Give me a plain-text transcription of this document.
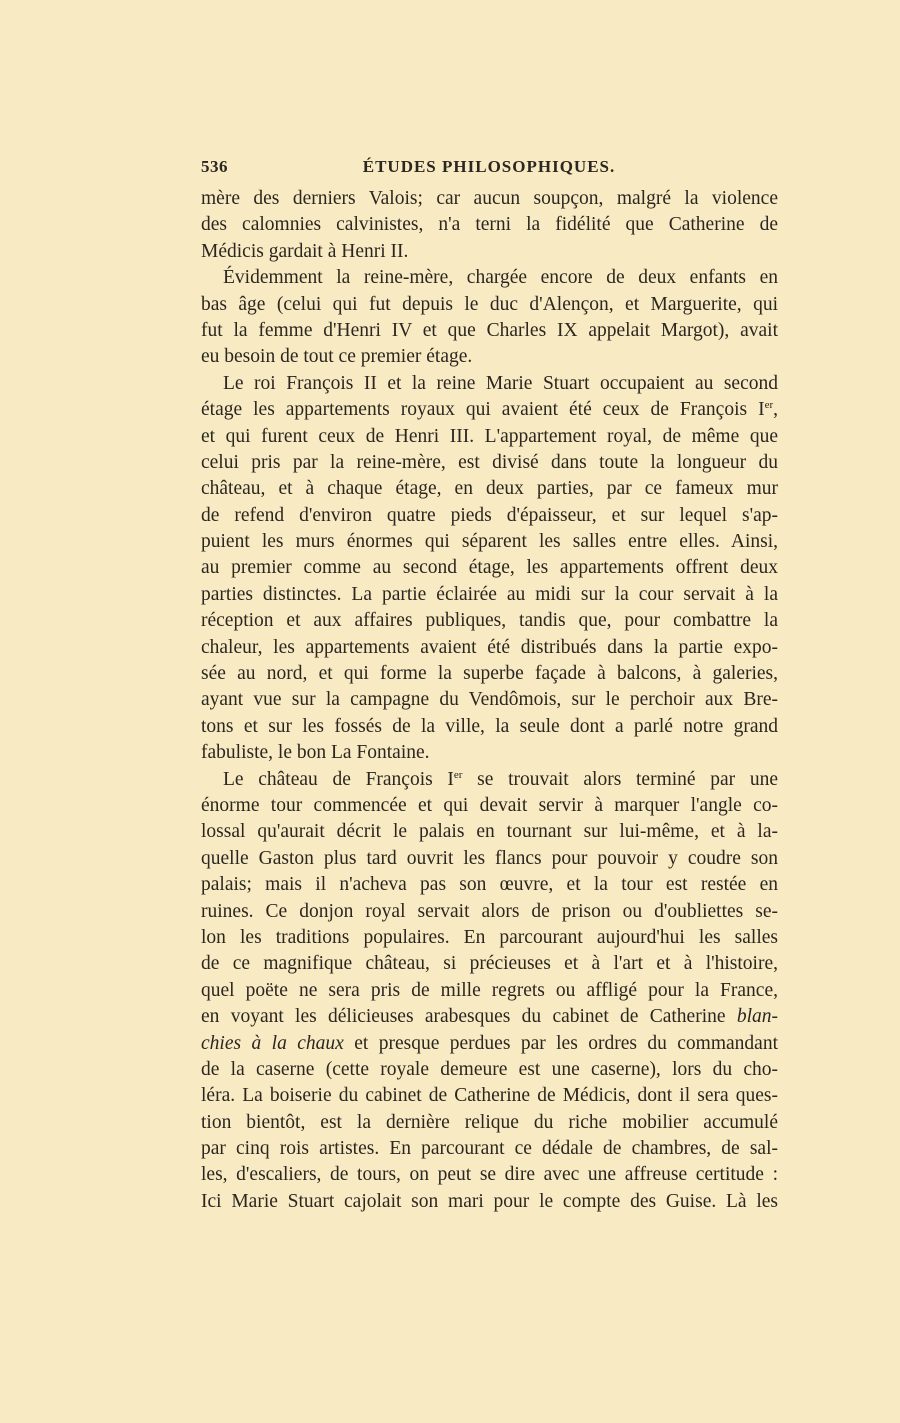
536	ÉTUDES PHILOSOPHIQUES.
mère des derniers Valois; car aucun soupçon, malgré la violence
des calomnies calvinistes, n'a terni la fidélité que Catherine de
Médicis gardait à Henri II.
Évidemment la reine-mère, chargée encore de deux enfants en
bas âge (celui qui fut depuis le duc d'Alençon, et Marguerite, qui
fut la femme d'Henri IV et que Charles IX appelait Margot), avait
eu besoin de tout ce premier étage.
Le roi François II et la reine Marie Stuart occupaient au second
étage les appartements royaux qui avaient été ceux de François Ier,
et qui furent ceux de Henri III. L'appartement royal, de même que
celui pris par la reine-mère, est divisé dans toute la longueur du
château, et à chaque étage, en deux parties, par ce fameux mur
de refend d'environ quatre pieds d'épaisseur, et sur lequel s'ap-
puient les murs énormes qui séparent les salles entre elles. Ainsi,
au premier comme au second étage, les appartements offrent deux
parties distinctes. La partie éclairée au midi sur la cour servait à la
réception et aux affaires publiques, tandis que, pour combattre la
chaleur, les appartements avaient été distribués dans la partie expo-
sée au nord, et qui forme la superbe façade à balcons, à galeries,
ayant vue sur la campagne du Vendômois, sur le perchoir aux Bre-
tons et sur les fossés de la ville, la seule dont a parlé notre grand
fabuliste, le bon La Fontaine.
Le château de François Ier se trouvait alors terminé par une
énorme tour commencée et qui devait servir à marquer l'angle co-
lossal qu'aurait décrit le palais en tournant sur lui-même, et à la-
quelle Gaston plus tard ouvrit les flancs pour pouvoir y coudre son
palais; mais il n'acheva pas son œuvre, et la tour est restée en
ruines. Ce donjon royal servait alors de prison ou d'oubliettes se-
lon les traditions populaires. En parcourant aujourd'hui les salles
de ce magnifique château, si précieuses et à l'art et à l'histoire,
quel poëte ne sera pris de mille regrets ou affligé pour la France,
en voyant les délicieuses arabesques du cabinet de Catherine blan-
chies à la chaux et presque perdues par les ordres du commandant
de la caserne (cette royale demeure est une caserne), lors du cho-
léra. La boiserie du cabinet de Catherine de Médicis, dont il sera ques-
tion bientôt, est la dernière relique du riche mobilier accumulé
par cinq rois artistes. En parcourant ce dédale de chambres, de sal-
les, d'escaliers, de tours, on peut se dire avec une affreuse certitude :
Ici Marie Stuart cajolait son mari pour le compte des Guise. Là les
